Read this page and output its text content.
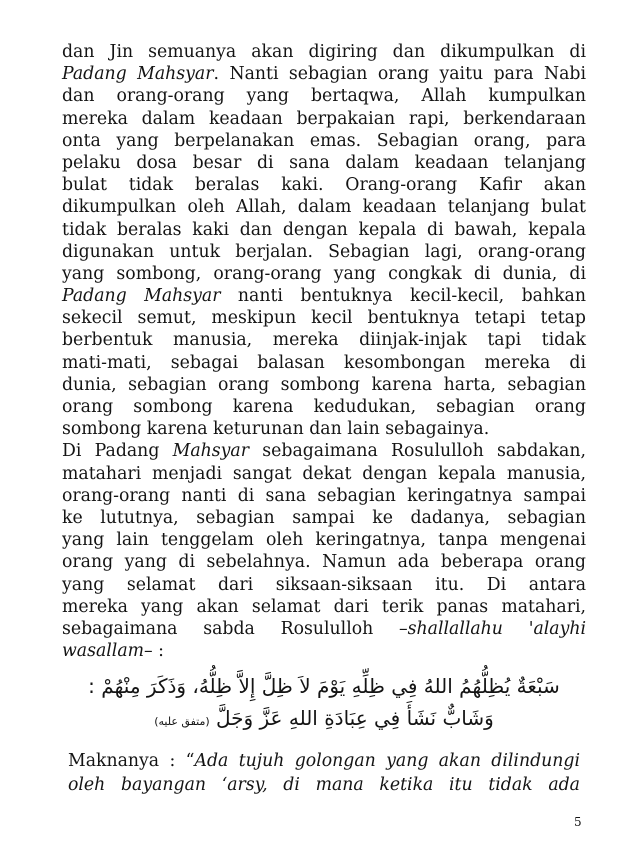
dan Jin semuanya akan digiring dan dikumpulkan di
Padang Mahsyar. Nanti sebagian orang yaitu para Nabi
dan orang-orang yang bertaqwa, Allah kumpulkan
mereka dalam keadaan berpakaian rapi, berkendaraan
onta yang berpelanakan emas. Sebagian orang, para
pelaku dosa besar di sana dalam keadaan telanjang
bulat tidak beralas kaki. Orang-orang Kafir akan
dikumpulkan oleh Allah, dalam keadaan telanjang bulat
tidak beralas kaki dan dengan kepala di bawah, kepala
digunakan untuk berjalan. Sebagian lagi, orang-orang
yang sombong, orang-orang yang congkak di dunia, di
Padang Mahsyar nanti bentuknya kecil-kecil, bahkan
sekecil semut, meskipun kecil bentuknya tetapi tetap
berbentuk manusia, mereka diinjak-injak tapi tidak
mati-mati, sebagai balasan kesombongan mereka di
dunia, sebagian orang sombong karena harta, sebagian
orang sombong karena kedudukan, sebagian orang
sombong karena keturunan dan lain sebagainya.
Di Padang Mahsyar sebagaimana Rosululloh sabdakan,
matahari menjadi sangat dekat dengan kepala manusia,
orang-orang nanti di sana sebagian keringatnya sampai
ke lututnya, sebagian sampai ke dadanya, sebagian
yang lain tenggelam oleh keringatnya, tanpa mengenai
orang yang di sebelahnya. Namun ada beberapa orang
yang selamat dari siksaan-siksaan itu. Di antara
mereka yang akan selamat dari terik panas matahari,
sebagaimana sabda Rosululloh –shallallahu 'alayhi
wasallam– :
سَبْعَةٌ يُظِلُّهُمُ اللهُ فِي ظِلِّهِ يَوْمَ لاَ ظِلَّ إِلاَّ ظِلُّهُ، وَذَكَرَ مِنْهُمْ :
وَشَابٌّ نَشَأَ فِي عِبَادَةِ اللهِ عَزَّ وَجَلَّ (متفق عليه)
Maknanya : “Ada tujuh golongan yang akan dilindungi
oleh bayangan ‘arsy, di mana ketika itu tidak ada
5
